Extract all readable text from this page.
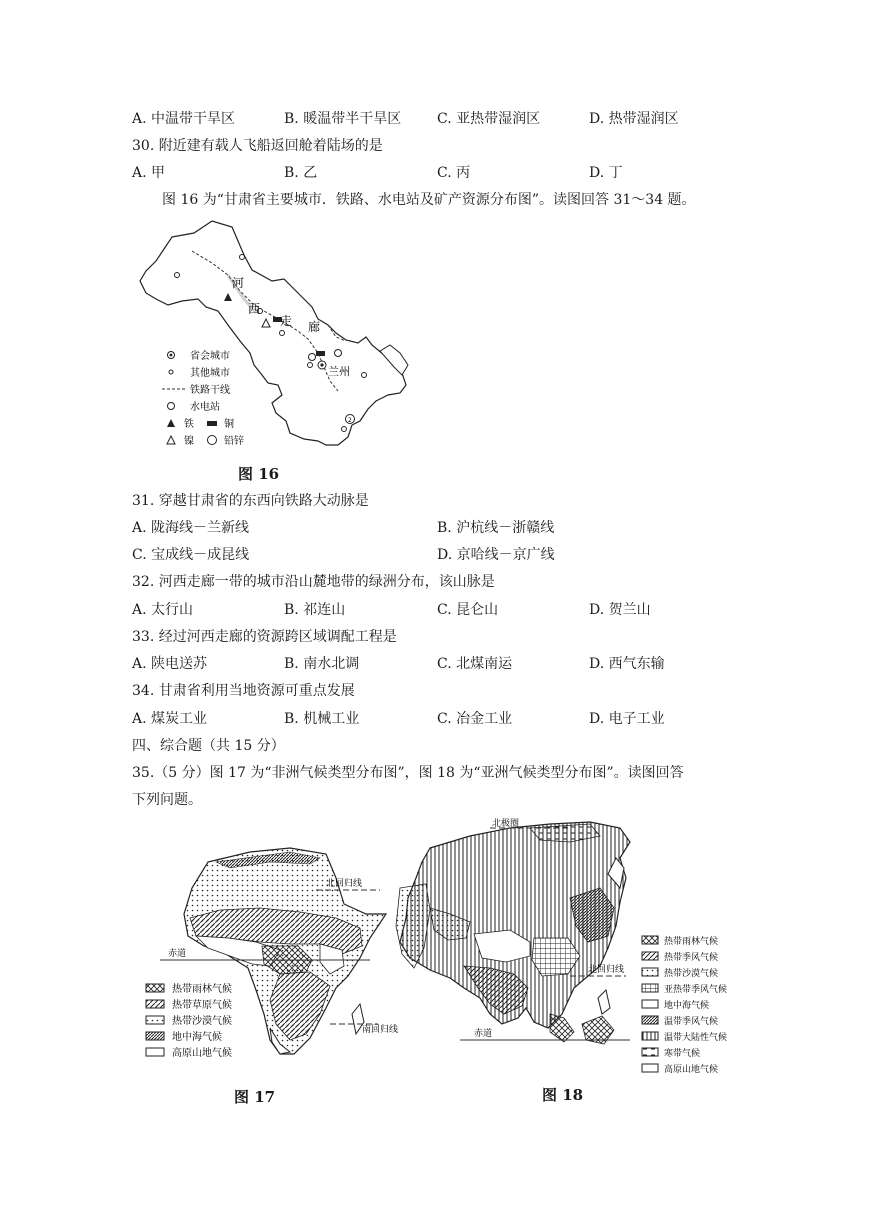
A. 中温带干旱区	B. 暖温带半干旱区	C. 亚热带湿润区	D. 热带湿润区
30. 附近建有载人飞船返回舱着陆场的是
A. 甲	B. 乙	C. 丙	D. 丁
图 16 为“甘肃省主要城市．铁路、水电站及矿产资源分布图”。读图回答 31～34 题。
2
河
西
走 廊
兰州
省会城市
其他城市
铁路干线
水电站
铁	铜
镍	铅锌
图 16
31. 穿越甘肃省的东西向铁路大动脉是
A. 陇海线－兰新线	B. 沪杭线－浙赣线
C. 宝成线－成昆线	D. 京哈线－京广线
32. 河西走廊一带的城市沿山麓地带的绿洲分布，该山脉是
A. 太行山	B. 祁连山	C. 昆仑山	D. 贺兰山
33. 经过河西走廊的资源跨区域调配工程是
A. 陕电送苏	B. 南水北调	C. 北煤南运	D. 西气东输
34. 甘肃省利用当地资源可重点发展
A. 煤炭工业	B. 机械工业	C. 冶金工业	D. 电子工业
四、综合题（共 15 分）
35.（5 分）图 17 为“非洲气候类型分布图”，图 18 为“亚洲气候类型分布图”。读图回答
下列问题。
北回归线
赤道
南回归线
热带雨林气候
热带草原气候
热带沙漠气候
地中海气候
高原山地气候
北极圈
北回归线
赤道
热带雨林气候
热带季风气候
热带沙漠气候
亚热带季风气候
地中海气候
温带季风气候
温带大陆性气候
寒带气候
高原山地气候
图 17	图 18
